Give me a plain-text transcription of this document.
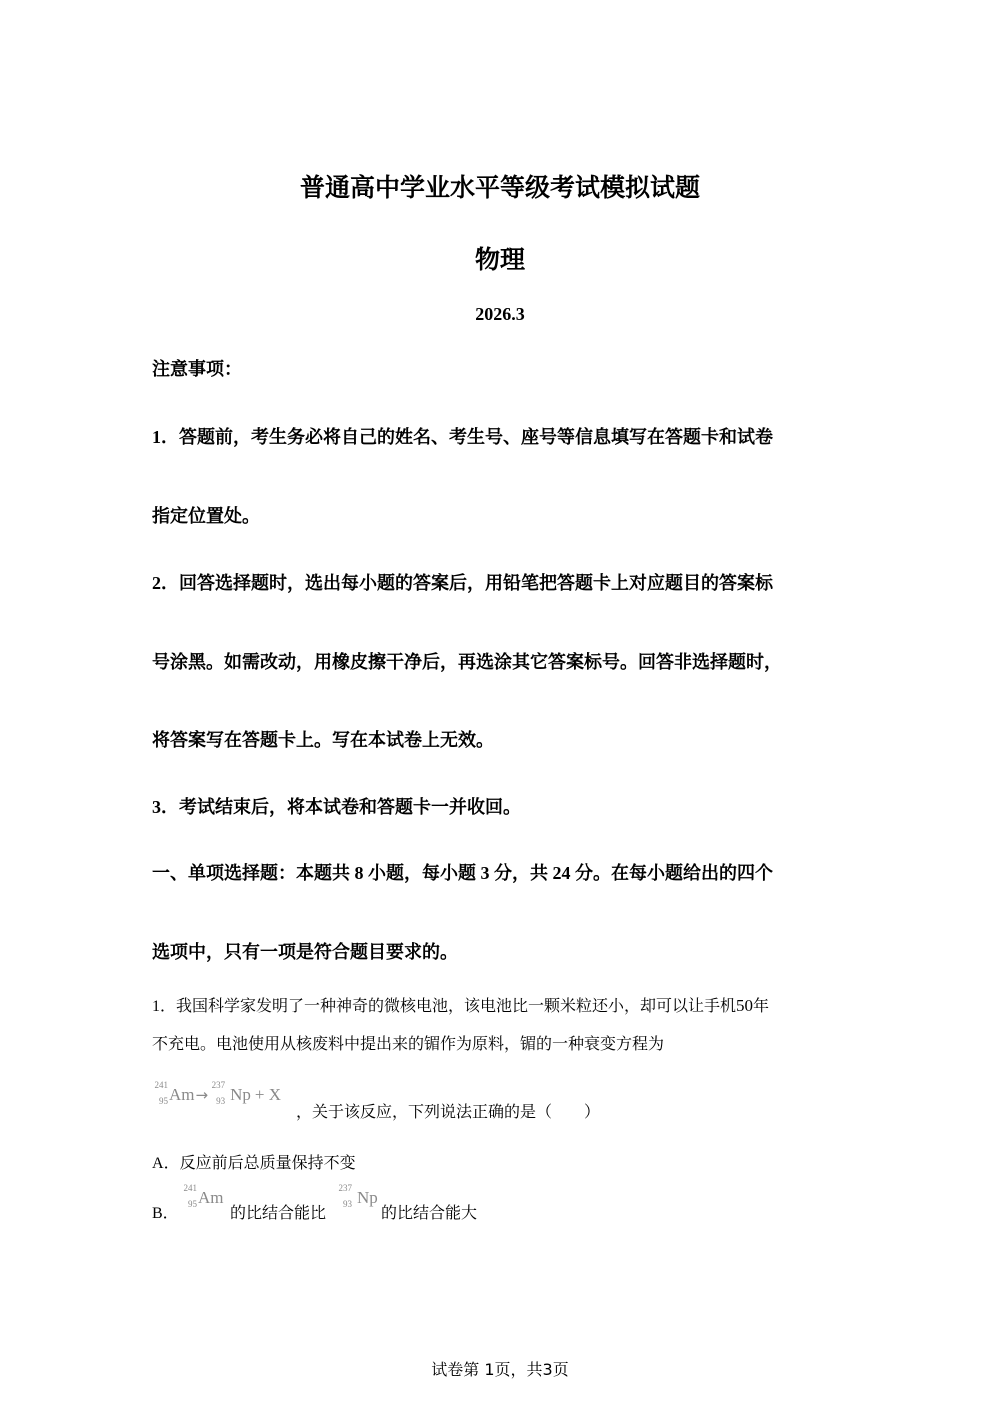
普通高中学业水平等级考试模拟试题
物理
2026.3
注意事项：
1．答题前，考生务必将自己的姓名、考生号、座号等信息填写在答题卡和试卷
指定位置处。
2．回答选择题时，选出每小题的答案后，用铅笔把答题卡上对应题目的答案标
号涂黑。如需改动，用橡皮擦干净后，再选涂其它答案标号。回答非选择题时，
将答案写在答题卡上。写在本试卷上无效。
3．考试结束后，将本试卷和答题卡一并收回。
一、单项选择题：本题共 8 小题，每小题 3 分，共 24 分。在每小题给出的四个
选项中，只有一项是符合题目要求的。
1．我国科学家发明了一种神奇的微核电池，该电池比一颗米粒还小，却可以让手机50年
不充电。电池使用从核废料中提出来的镅作为原料，镅的一种衰变方程为
241
95 Am→
237
93 Np + X
，关于该反应，下列说法正确的是（　　）
A．反应前后总质量保持不变
B．
241
95 Am
的比结合能比
237
93 Np
的比结合能大
试卷第 1页，共3页
